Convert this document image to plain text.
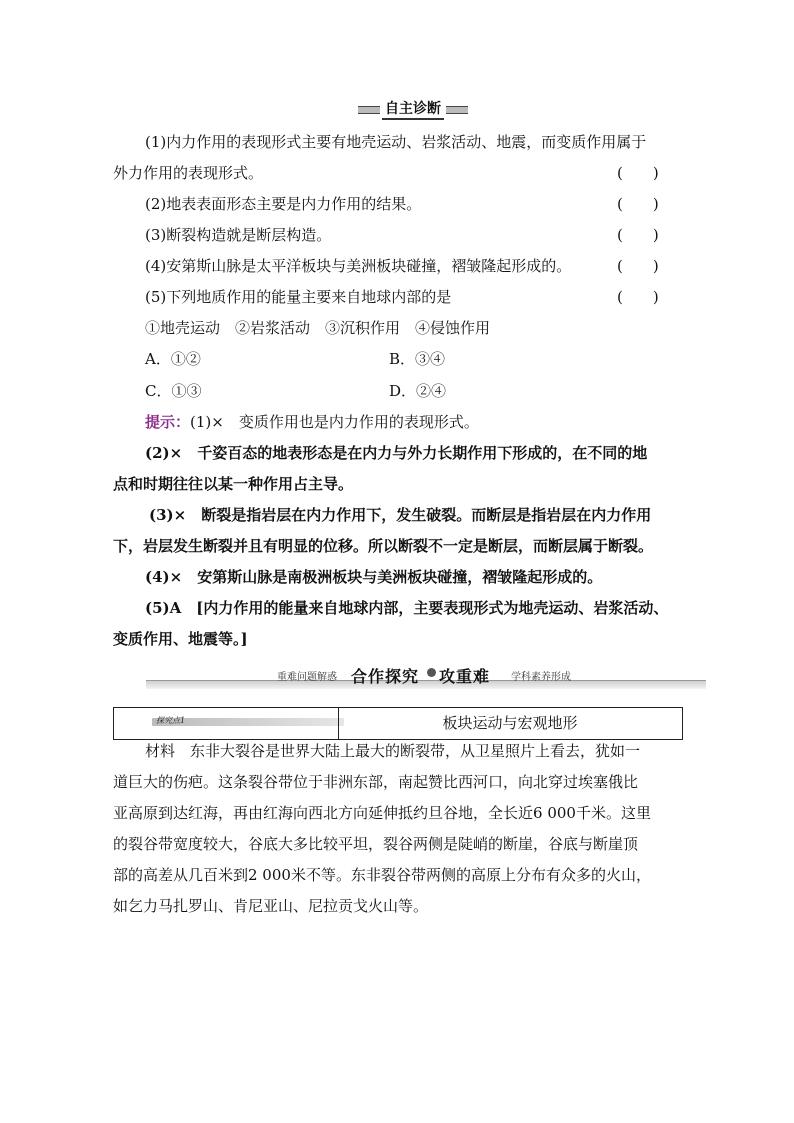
自主诊断
(1)内力作用的表现形式主要有地壳运动、岩浆活动、地震，而变质作用属于
外力作用的表现形式。	(　　)
(2)地表表面形态主要是内力作用的结果。	(　　)
(3)断裂构造就是断层构造。	(　　)
(4)安第斯山脉是太平洋板块与美洲板块碰撞，褶皱隆起形成的。	(　　)
(5)下列地质作用的能量主要来自地球内部的是	(　　)
①地壳运动　②岩浆活动　③沉积作用　④侵蚀作用
A．①②	B．③④
C．①③	D．②④
提示：(1)×　变质作用也是内力作用的表现形式。
(2)×　千姿百态的地表形态是在内力与外力长期作用下形成的，在不同的地
点和时期往往以某一种作用占主导。
(3)×　断裂是指岩层在内力作用下，发生破裂。而断层是指岩层在内力作用
下，岩层发生断裂并且有明显的位移。所以断裂不一定是断层，而断层属于断裂。
(4)×　安第斯山脉是南极洲板块与美洲板块碰撞，褶皱隆起形成的。
(5)A　[内力作用的能量来自地球内部，主要表现形式为地壳运动、岩浆活动、
变质作用、地震等。]
重难问题解惑 合作探究 攻重难 学科素养形成
探究点1	板块运动与宏观地形
材料　东非大裂谷是世界大陆上最大的断裂带，从卫星照片上看去，犹如一
道巨大的伤疤。这条裂谷带位于非洲东部，南起赞比西河口，向北穿过埃塞俄比
亚高原到达红海，再由红海向西北方向延伸抵约旦谷地，全长近6 000千米。这里
的裂谷带宽度较大，谷底大多比较平坦，裂谷两侧是陡峭的断崖，谷底与断崖顶
部的高差从几百米到2 000米不等。东非裂谷带两侧的高原上分布有众多的火山，
如乞力马扎罗山、肯尼亚山、尼拉贡戈火山等。
